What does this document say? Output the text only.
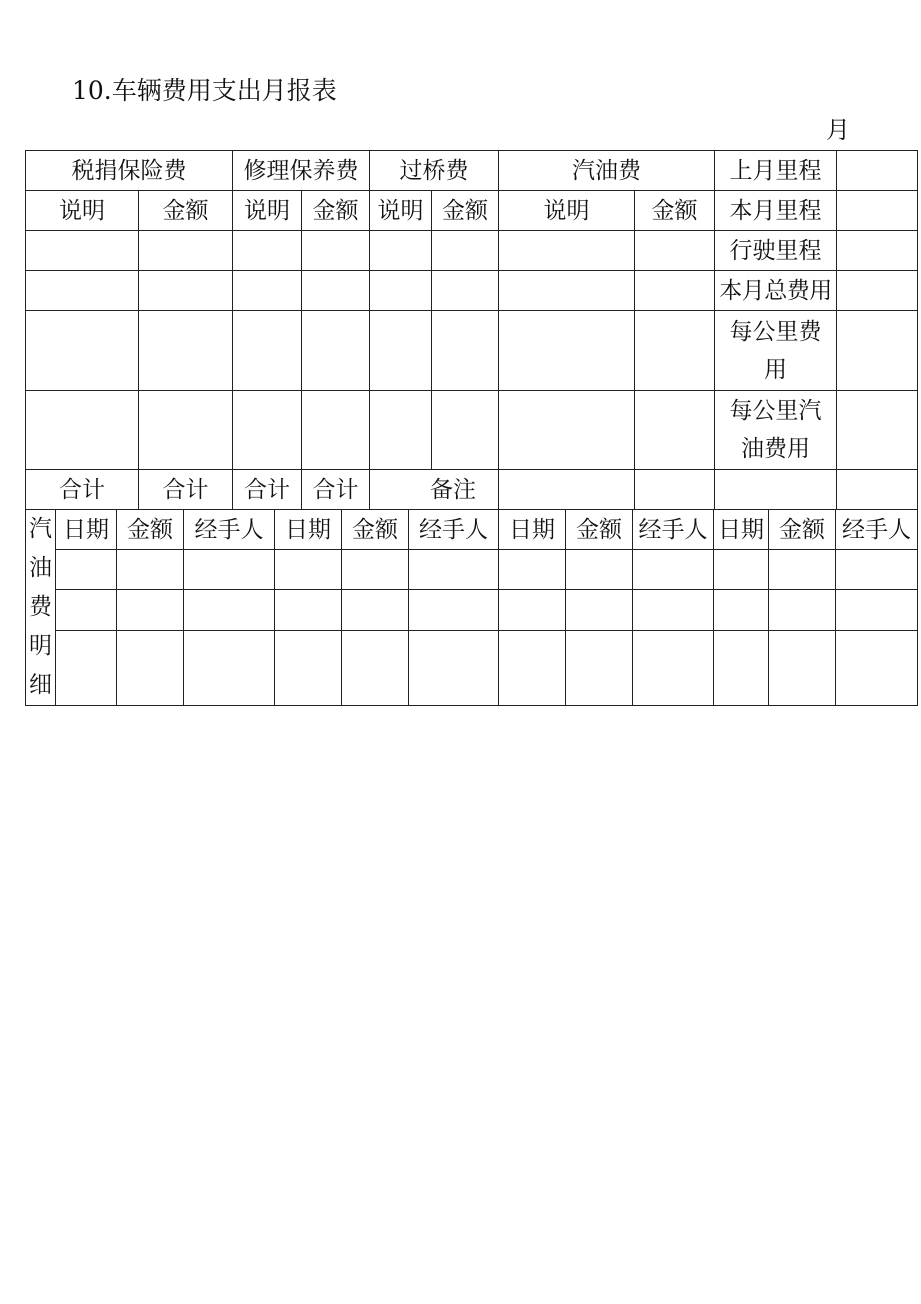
10.车辆费用支出月报表
月
税捐保险费		修理保养费		过桥费		汽油费		上月里程	
说明	金额	说明	金额	说明	金额	说明	金额	本月里程	
								行驶里程	
								本月总费用	
								每公里费用	
								每公里汽油费用	
合计	合计	合计	合计	备注					
汽油费明细	日期	金额	经手人	日期	金额	经手人	日期	金额	经手人	日期	金额	经手人
